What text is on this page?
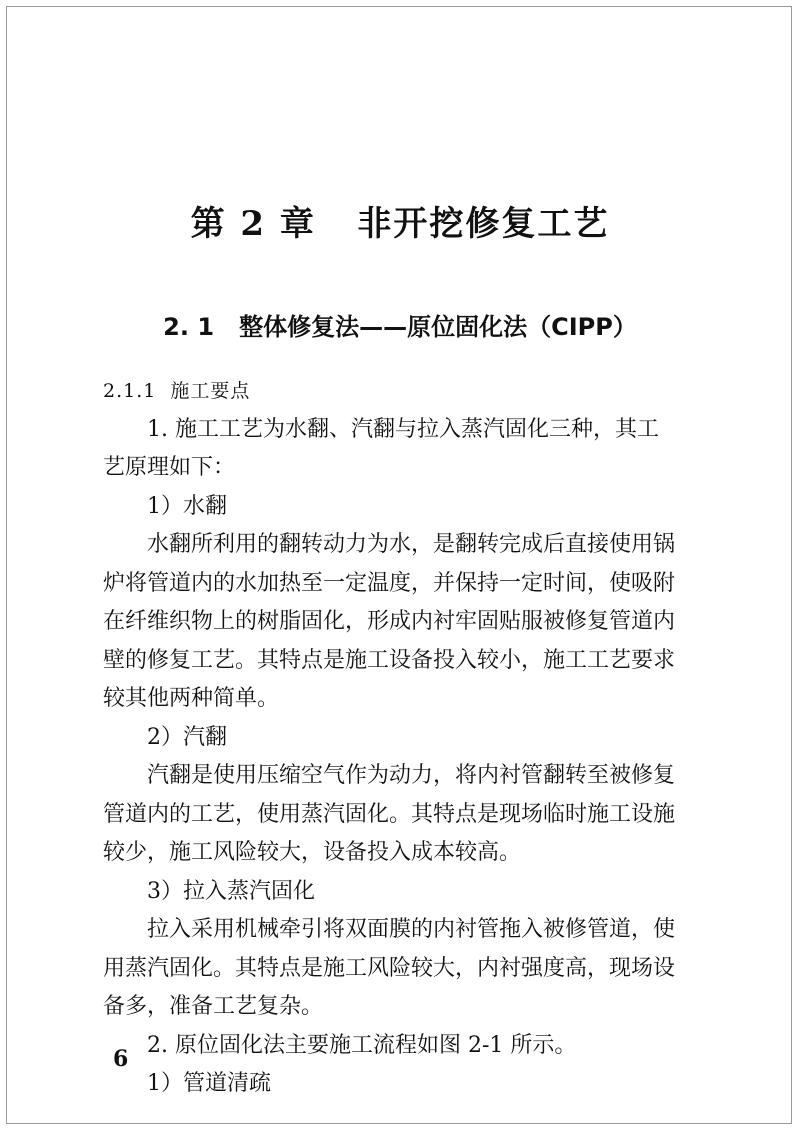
第 2 章   非开挖修复工艺
2. 1   整体修复法——原位固化法（CIPP）
2.1.1  施工要点
1. 施工工艺为水翻、汽翻与拉入蒸汽固化三种，其工
艺原理如下：
1）水翻
水翻所利用的翻转动力为水，是翻转完成后直接使用锅
炉将管道内的水加热至一定温度，并保持一定时间，使吸附
在纤维织物上的树脂固化，形成内衬牢固贴服被修复管道内
壁的修复工艺。其特点是施工设备投入较小，施工工艺要求
较其他两种简单。
2）汽翻
汽翻是使用压缩空气作为动力，将内衬管翻转至被修复
管道内的工艺，使用蒸汽固化。其特点是现场临时施工设施
较少，施工风险较大，设备投入成本较高。
3）拉入蒸汽固化
拉入采用机械牵引将双面膜的内衬管拖入被修管道，使
用蒸汽固化。其特点是施工风险较大，内衬强度高，现场设
备多，准备工艺复杂。
2. 原位固化法主要施工流程如图 2-1 所示。
1）管道清疏
6
